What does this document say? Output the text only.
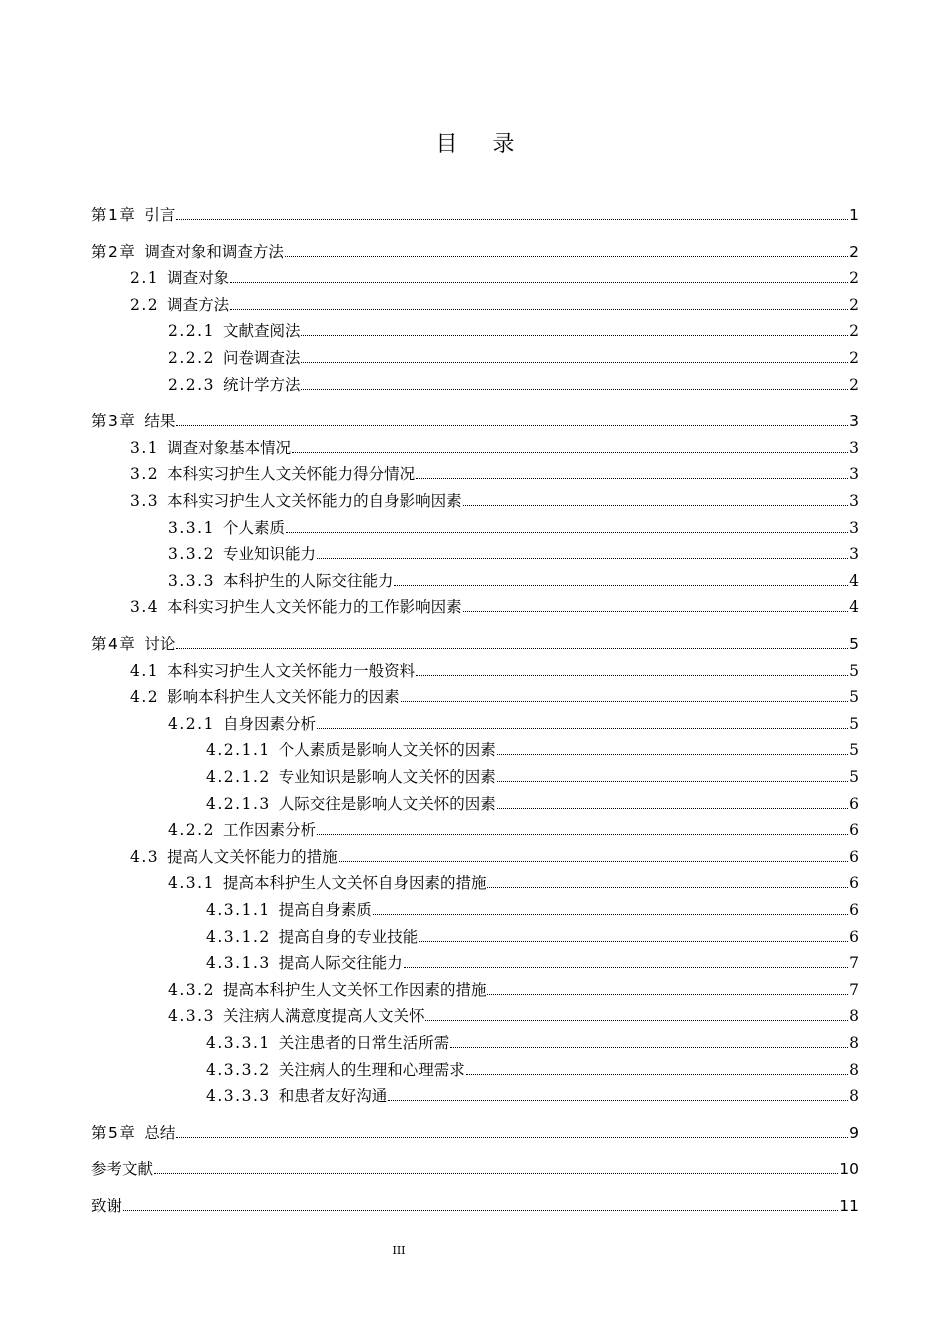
目 录
第1章 引言	1
第2章 调查对象和调查方法	2
2.1 调查对象	2
2.2 调查方法	2
2.2.1 文献查阅法	2
2.2.2 问卷调查法	2
2.2.3 统计学方法	2
第3章 结果	3
3.1 调查对象基本情况	3
3.2 本科实习护生人文关怀能力得分情况	3
3.3 本科实习护生人文关怀能力的自身影响因素	3
3.3.1 个人素质	3
3.3.2 专业知识能力	3
3.3.3 本科护生的人际交往能力	4
3.4 本科实习护生人文关怀能力的工作影响因素	4
第4章 讨论	5
4.1 本科实习护生人文关怀能力一般资料	5
4.2 影响本科护生人文关怀能力的因素	5
4.2.1 自身因素分析	5
4.2.1.1 个人素质是影响人文关怀的因素	5
4.2.1.2 专业知识是影响人文关怀的因素	5
4.2.1.3 人际交往是影响人文关怀的因素	6
4.2.2 工作因素分析	6
4.3 提高人文关怀能力的措施	6
4.3.1 提高本科护生人文关怀自身因素的措施	6
4.3.1.1 提高自身素质	6
4.3.1.2 提高自身的专业技能	6
4.3.1.3 提高人际交往能力	7
4.3.2 提高本科护生人文关怀工作因素的措施	7
4.3.3 关注病人满意度提高人文关怀	8
4.3.3.1 关注患者的日常生活所需	8
4.3.3.2 关注病人的生理和心理需求	8
4.3.3.3 和患者友好沟通	8
第5章 总结	9
参考文献	10
致谢	11
III
